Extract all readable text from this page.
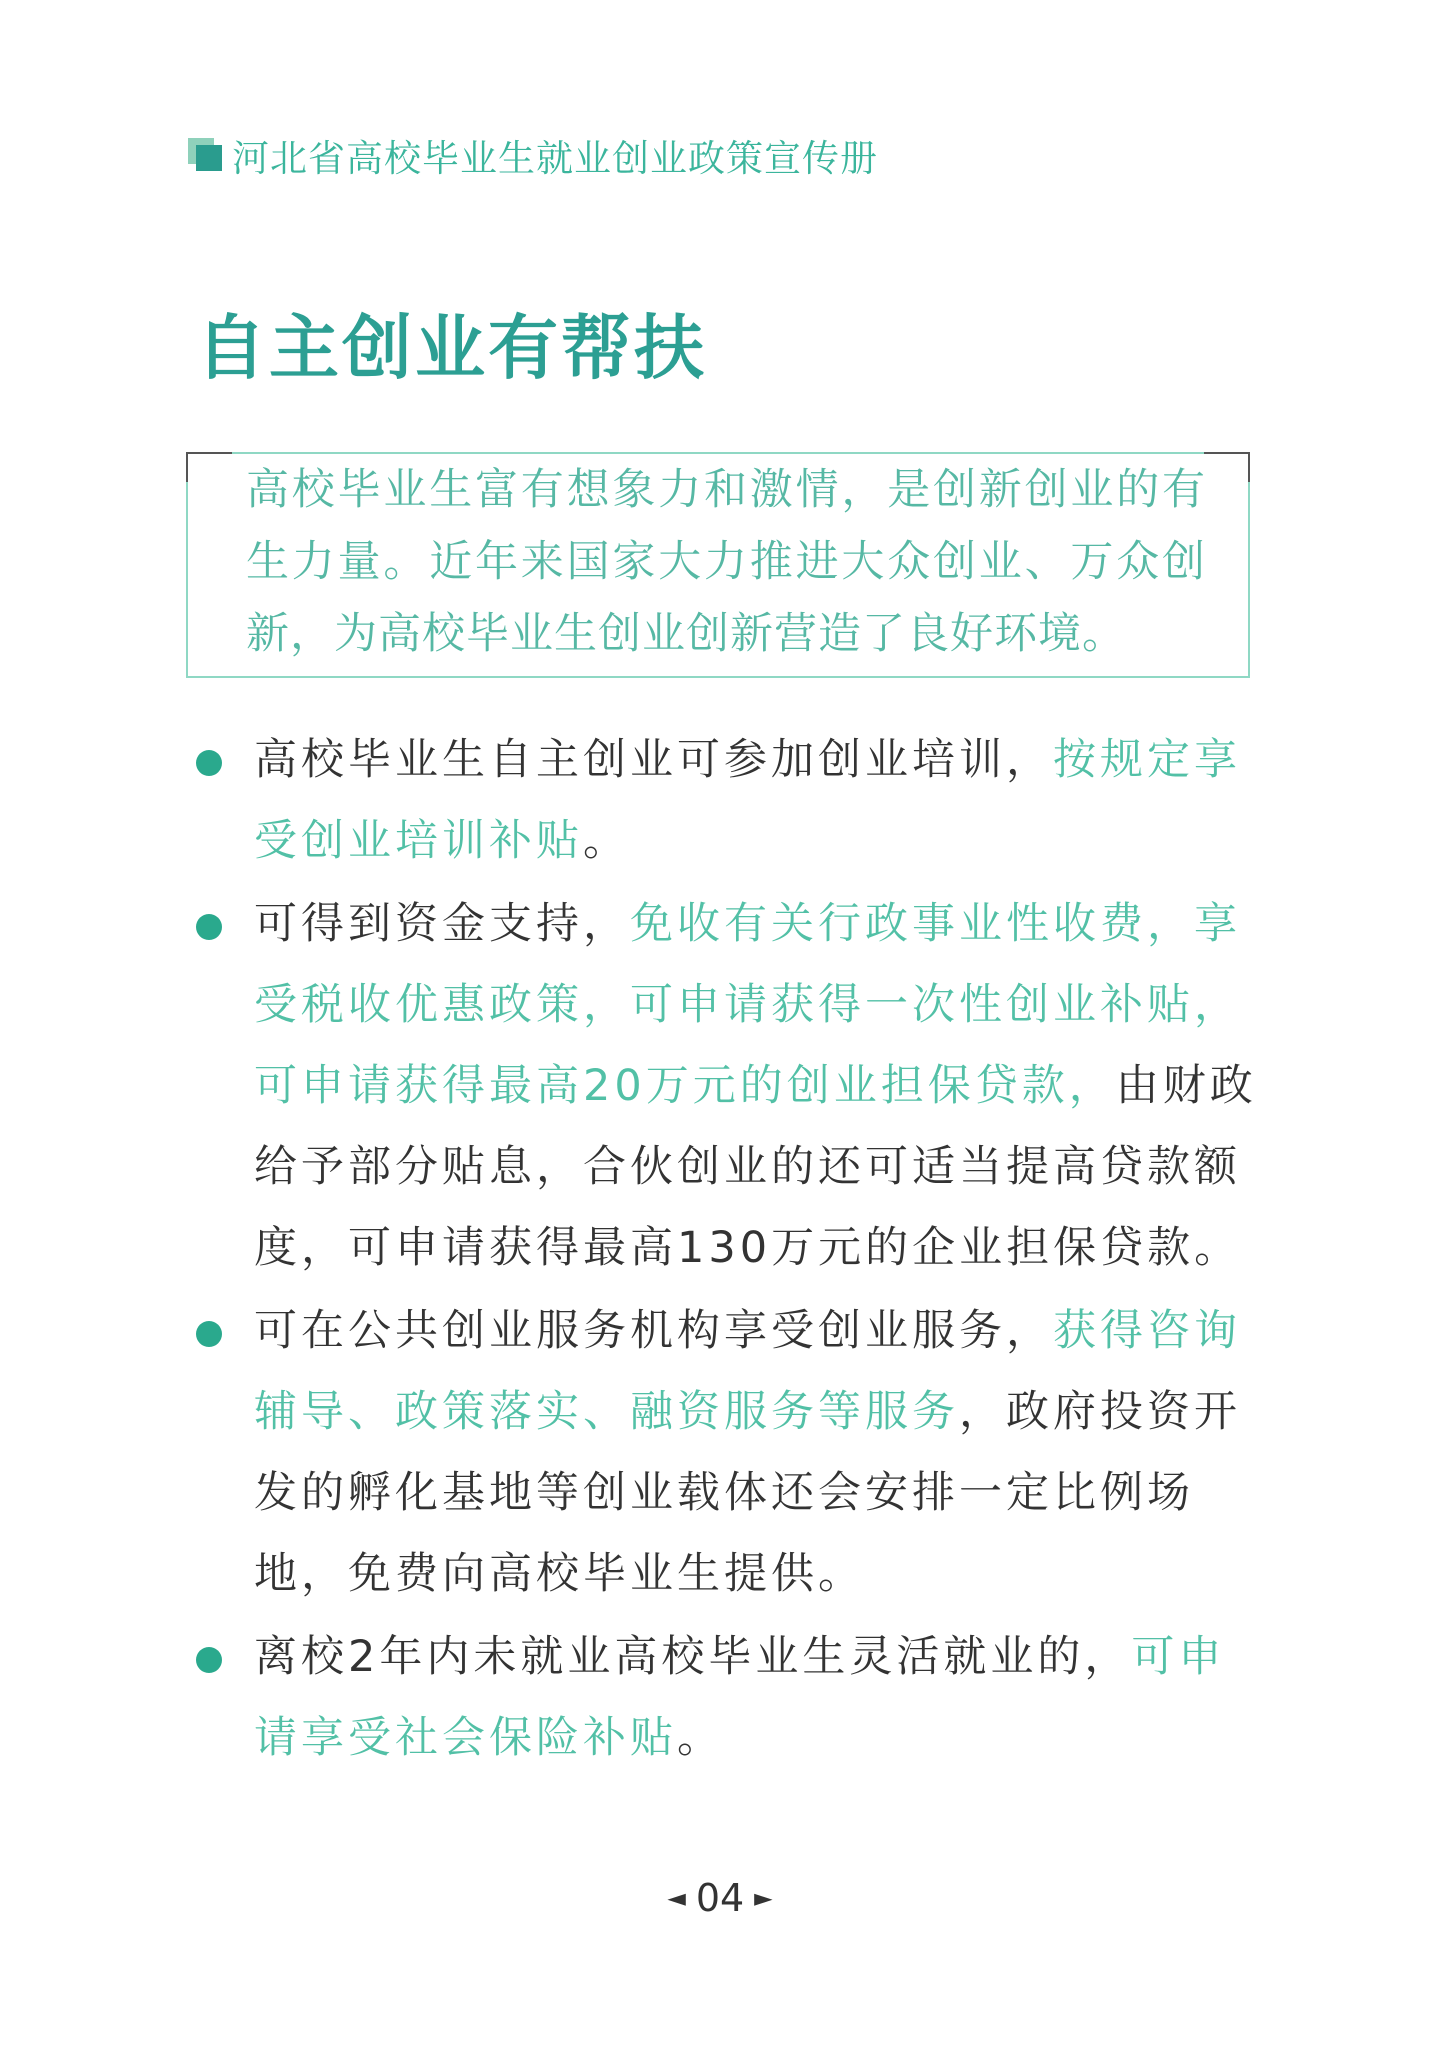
河北省高校毕业生就业创业政策宣传册
自主创业有帮扶
高校毕业生富有想象力和激情，是创新创业的有生力量。近年来国家大力推进大众创业、万众创新，为高校毕业生创业创新营造了良好环境。
高校毕业生自主创业可参加创业培训，按规定享受创业培训补贴。
可得到资金支持，免收有关行政事业性收费，享受税收优惠政策，可申请获得一次性创业补贴，可申请获得最高20万元的创业担保贷款，由财政给予部分贴息，合伙创业的还可适当提高贷款额度，可申请获得最高130万元的企业担保贷款。
可在公共创业服务机构享受创业服务，获得咨询辅导、政策落实、融资服务等服务，政府投资开发的孵化基地等创业载体还会安排一定比例场地，免费向高校毕业生提供。
离校2年内未就业高校毕业生灵活就业的，可申请享受社会保险补贴。
◄ 04 ►
